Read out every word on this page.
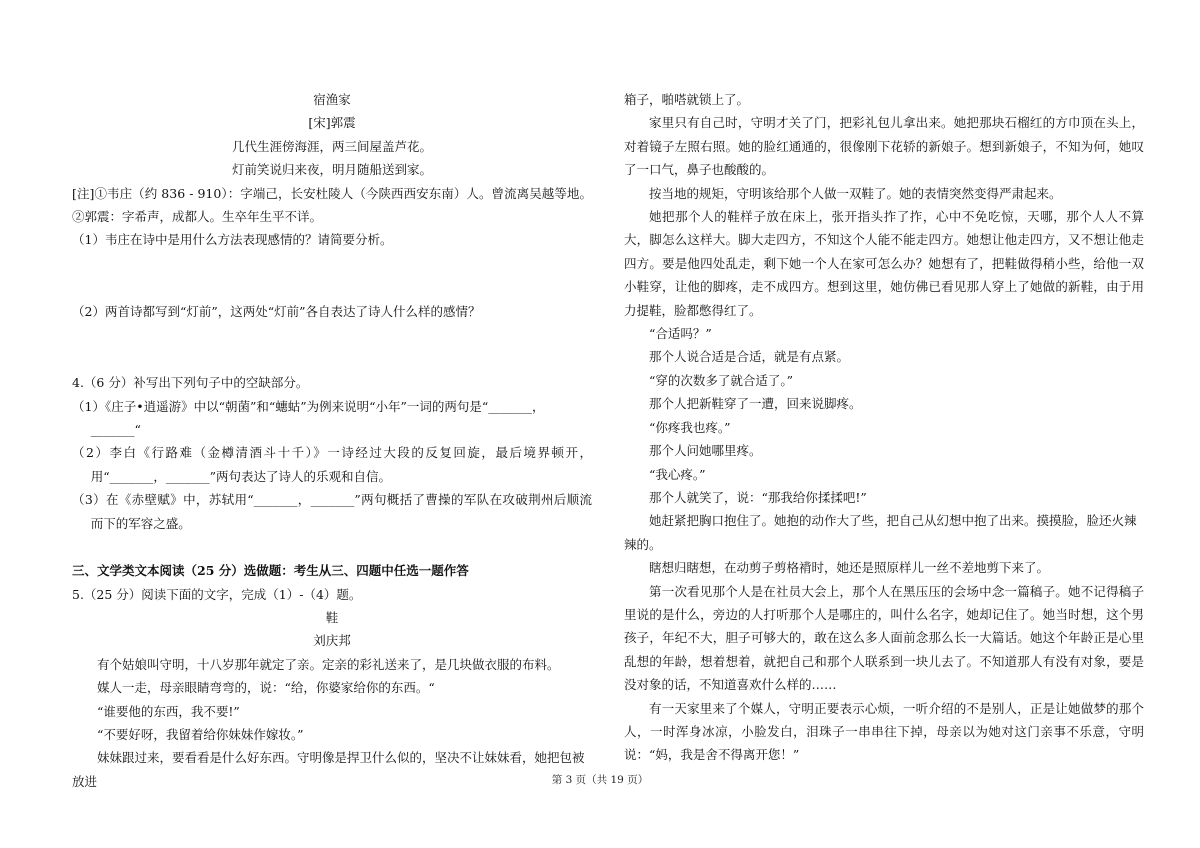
宿渔家

[宋]郭震

几代生涯傍海涯，两三间屋盖芦花。

灯前笑说归来夜，明月随船送到家。

[注]①韦庄（约 836 - 910）：字端己，长安杜陵人（今陕西西安东南）人。曾流离吴越等地。②郭震：字希声，成都人。生卒年生平不详。

（1）韦庄在诗中是用什么方法表现感情的？请简要分析。

（2）两首诗都写到“灯前”，这两处“灯前”各自表达了诗人什么样的感情？

4.（6 分）补写出下列句子中的空缺部分。

（1）《庄子•逍遥游》中以“朝菌”和“蟪蛄”为例来说明“小年”一词的两句是“_______，_______“

（2）李白《行路难（金樽清酒斗十千）》一诗经过大段的反复回旋，最后境界顿开，用“_______，_______”两句表达了诗人的乐观和自信。

（3）在《赤壁赋》中，苏轼用“_______，_______”两句概括了曹操的军队在攻破荆州后顺流而下的军容之盛。

三、文学类文本阅读（25 分）选做题：考生从三、四题中任选一题作答

5.（25 分）阅读下面的文字，完成（1）-（4）题。

鞋

刘庆邦

有个姑娘叫守明，十八岁那年就定了亲。定亲的彩礼送来了，是几块做衣服的布料。

媒人一走，母亲眼睛弯弯的，说：“给，你婆家给你的东西。“

“谁要他的东西，我不要!”

“不要好呀，我留着给你妹妹作嫁妆。”

妹妹跟过来，要看看是什么好东西。守明像是捍卫什么似的，坚决不让妹妹看，她把包被放进

箱子，啪嗒就锁上了。

家里只有自己时，守明才关了门，把彩礼包儿拿出来。她把那块石榴红的方巾顶在头上，对着镜子左照右照。她的脸红通通的，很像刚下花轿的新娘子。想到新娘子，不知为何，她叹了一口气，鼻子也酸酸的。

按当地的规矩，守明该给那个人做一双鞋了。她的表情突然变得严肃起来。

她把那个人的鞋样子放在床上，张开指头拃了拃，心中不免吃惊，天哪，那个人人不算大，脚怎么这样大。脚大走四方，不知这个人能不能走四方。她想让他走四方，又不想让他走四方。要是他四处乱走，剩下她一个人在家可怎么办？她想有了，把鞋做得稍小些，给他一双小鞋穿，让他的脚疼，走不成四方。想到这里，她仿佛已看见那人穿上了她做的新鞋，由于用力提鞋，脸都憋得红了。

“合适吗？”

那个人说合适是合适，就是有点紧。

“穿的次数多了就合适了。”

那个人把新鞋穿了一遭，回来说脚疼。

“你疼我也疼。”

那个人问她哪里疼。

“我心疼。”

那个人就笑了，说：“那我给你揉揉吧!”

她赶紧把胸口抱住了。她抱的动作大了些，把自己从幻想中抱了出来。摸摸脸，脸还火辣辣的。

瞎想归瞎想，在动剪子剪格褙时，她还是照原样儿一丝不差地剪下来了。

第一次看见那个人是在社员大会上，那个人在黑压压的会场中念一篇稿子。她不记得稿子里说的是什么，旁边的人打听那个人是哪庄的，叫什么名字，她却记住了。她当时想，这个男孩子，年纪不大，胆子可够大的，敢在这么多人面前念那么长一大篇话。她这个年龄正是心里乱想的年龄，想着想着，就把自己和那个人联系到一块儿去了。不知道那人有没有对象，要是没对象的话，不知道喜欢什么样的……

有一天家里来了个媒人，守明正要表示心烦，一听介绍的不是别人，正是让她做梦的那个人，一时浑身冰凉，小脸发白，泪珠子一串串往下掉，母亲以为她对这门亲事不乐意，守明说：“妈，我是舍不得离开您！”

第 3 页（共 19 页）
